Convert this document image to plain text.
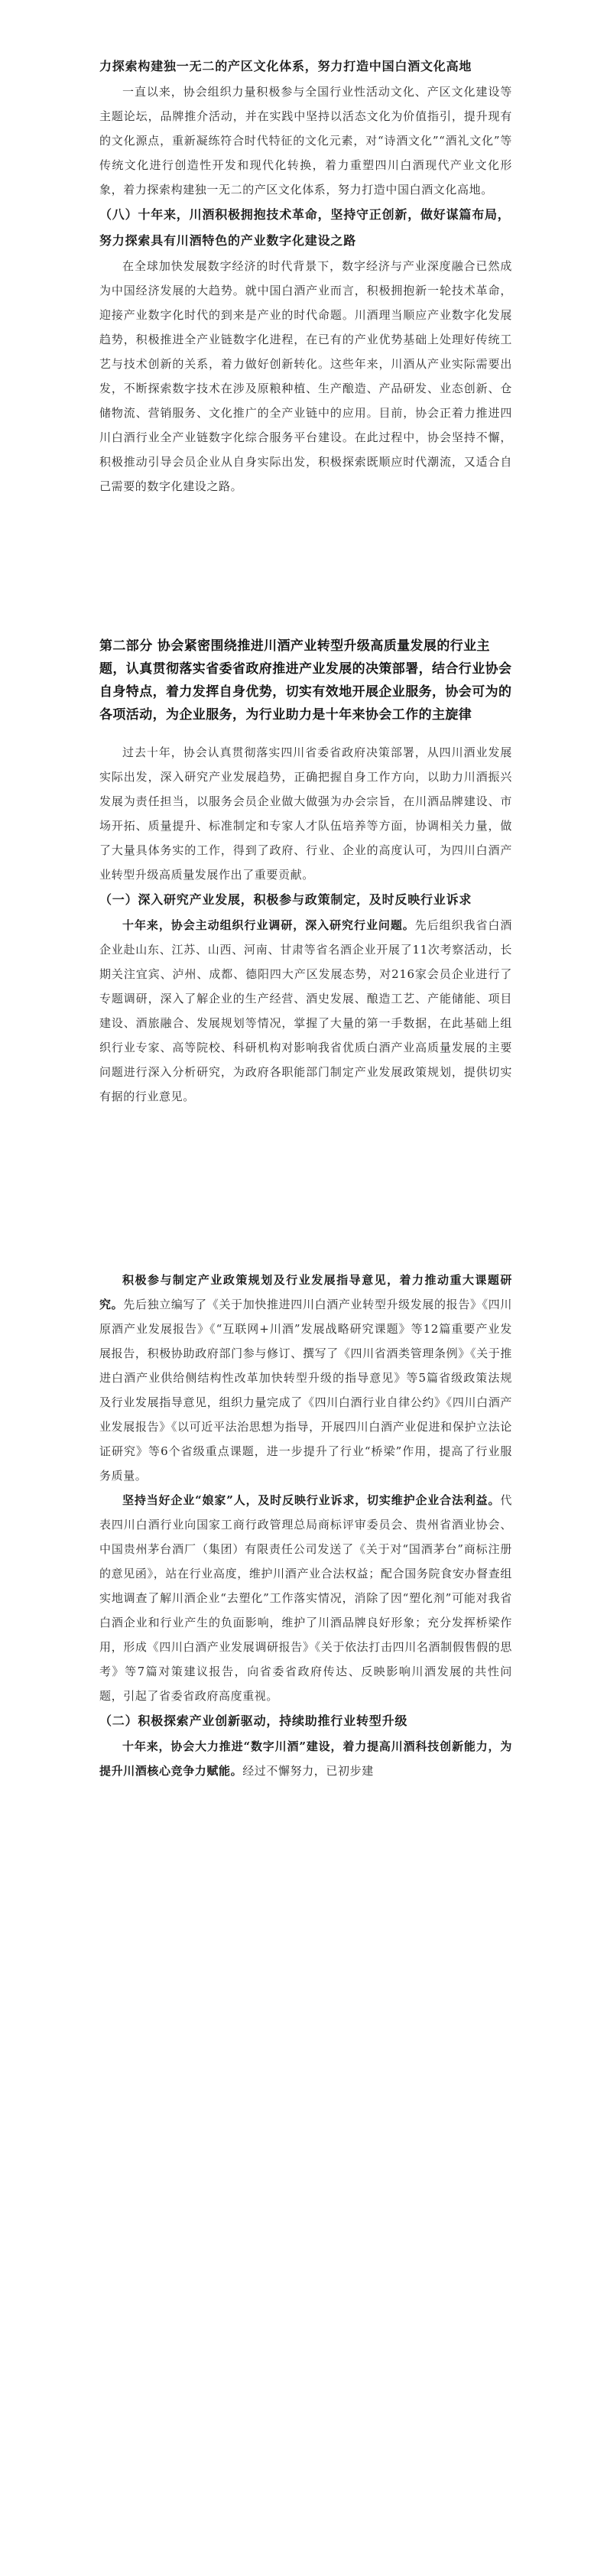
力探索构建独一无二的产区文化体系，努力打造中国白酒文化高地

一直以来，协会组织力量积极参与全国行业性活动文化、产区文化建设等主题论坛，品牌推介活动，并在实践中坚持以活态文化为价值指引，提升现有的文化源点，重新凝练符合时代特征的文化元素，对“诗酒文化”“酒礼文化”等传统文化进行创造性开发和现代化转换，着力重塑四川白酒现代产业文化形象，着力探索构建独一无二的产区文化体系，努力打造中国白酒文化高地。

（八）十年来，川酒积极拥抱技术革命，坚持守正创新，做好谋篇布局，努力探索具有川酒特色的产业数字化建设之路

在全球加快发展数字经济的时代背景下，数字经济与产业深度融合已然成为中国经济发展的大趋势。就中国白酒产业而言，积极拥抱新一轮技术革命，迎接产业数字化时代的到来是产业的时代命题。川酒理当顺应产业数字化发展趋势，积极推进全产业链数字化进程，在已有的产业优势基础上处理好传统工艺与技术创新的关系，着力做好创新转化。这些年来，川酒从产业实际需要出发，不断探索数字技术在涉及原粮种植、生产酿造、产品研发、业态创新、仓储物流、营销服务、文化推广的全产业链中的应用。目前，协会正着力推进四川白酒行业全产业链数字化综合服务平台建设。在此过程中，协会坚持不懈，积极推动引导会员企业从自身实际出发，积极探索既顺应时代潮流，又适合自己需要的数字化建设之路。

第二部分 协会紧密围绕推进川酒产业转型升级高质量发展的行业主题，认真贯彻落实省委省政府推进产业发展的决策部署，结合行业协会自身特点，着力发挥自身优势，切实有效地开展企业服务，协会可为的各项活动，为企业服务，为行业助力是十年来协会工作的主旋律

过去十年，协会认真贯彻落实四川省委省政府决策部署，从四川酒业发展实际出发，深入研究产业发展趋势，正确把握自身工作方向，以助力川酒振兴发展为责任担当，以服务会员企业做大做强为办会宗旨，在川酒品牌建设、市场开拓、质量提升、标准制定和专家人才队伍培养等方面，协调相关力量，做了大量具体务实的工作，得到了政府、行业、企业的高度认可，为四川白酒产业转型升级高质量发展作出了重要贡献。

（一）深入研究产业发展，积极参与政策制定，及时反映行业诉求

十年来，协会主动组织行业调研，深入研究行业问题。先后组织我省白酒企业赴山东、江苏、山西、河南、甘肃等省名酒企业开展了11次考察活动，长期关注宜宾、泸州、成都、德阳四大产区发展态势，对216家会员企业进行了专题调研，深入了解企业的生产经营、酒史发展、酿造工艺、产能储能、项目建设、酒旅融合、发展规划等情况，掌握了大量的第一手数据，在此基础上组织行业专家、高等院校、科研机构对影响我省优质白酒产业高质量发展的主要问题进行深入分析研究，为政府各职能部门制定产业发展政策规划，提供切实有据的行业意见。

积极参与制定产业政策规划及行业发展指导意见，着力推动重大课题研究。先后独立编写了《关于加快推进四川白酒产业转型升级发展的报告》《四川原酒产业发展报告》《“互联网+川酒”发展战略研究课题》等12篇重要产业发展报告，积极协助政府部门参与修订、撰写了《四川省酒类管理条例》《关于推进白酒产业供给侧结构性改革加快转型升级的指导意见》等5篇省级政策法规及行业发展指导意见，组织力量完成了《四川白酒行业自律公约》《四川白酒产业发展报告》《以可近平法治思想为指导，开展四川白酒产业促进和保护立法论证研究》等6个省级重点课题，进一步提升了行业“桥梁”作用，提高了行业服务质量。

坚持当好企业“娘家”人，及时反映行业诉求，切实维护企业合法利益。代表四川白酒行业向国家工商行政管理总局商标评审委员会、贵州省酒业协会、中国贵州茅台酒厂（集团）有限责任公司发送了《关于对“国酒茅台”商标注册的意见函》，站在行业高度，维护川酒产业合法权益；配合国务院食安办督查组实地调查了解川酒企业“去塑化”工作落实情况，消除了因“塑化剂”可能对我省白酒企业和行业产生的负面影响，维护了川酒品牌良好形象；充分发挥桥梁作用，形成《四川白酒产业发展调研报告》《关于依法打击四川名酒制假售假的思考》等7篇对策建议报告，向省委省政府传达、反映影响川酒发展的共性问题，引起了省委省政府高度重视。

（二）积极探索产业创新驱动，持续助推行业转型升级

十年来，协会大力推进“数字川酒”建设，着力提高川酒科技创新能力，为提升川酒核心竞争力赋能。经过不懈努力，已初步建
